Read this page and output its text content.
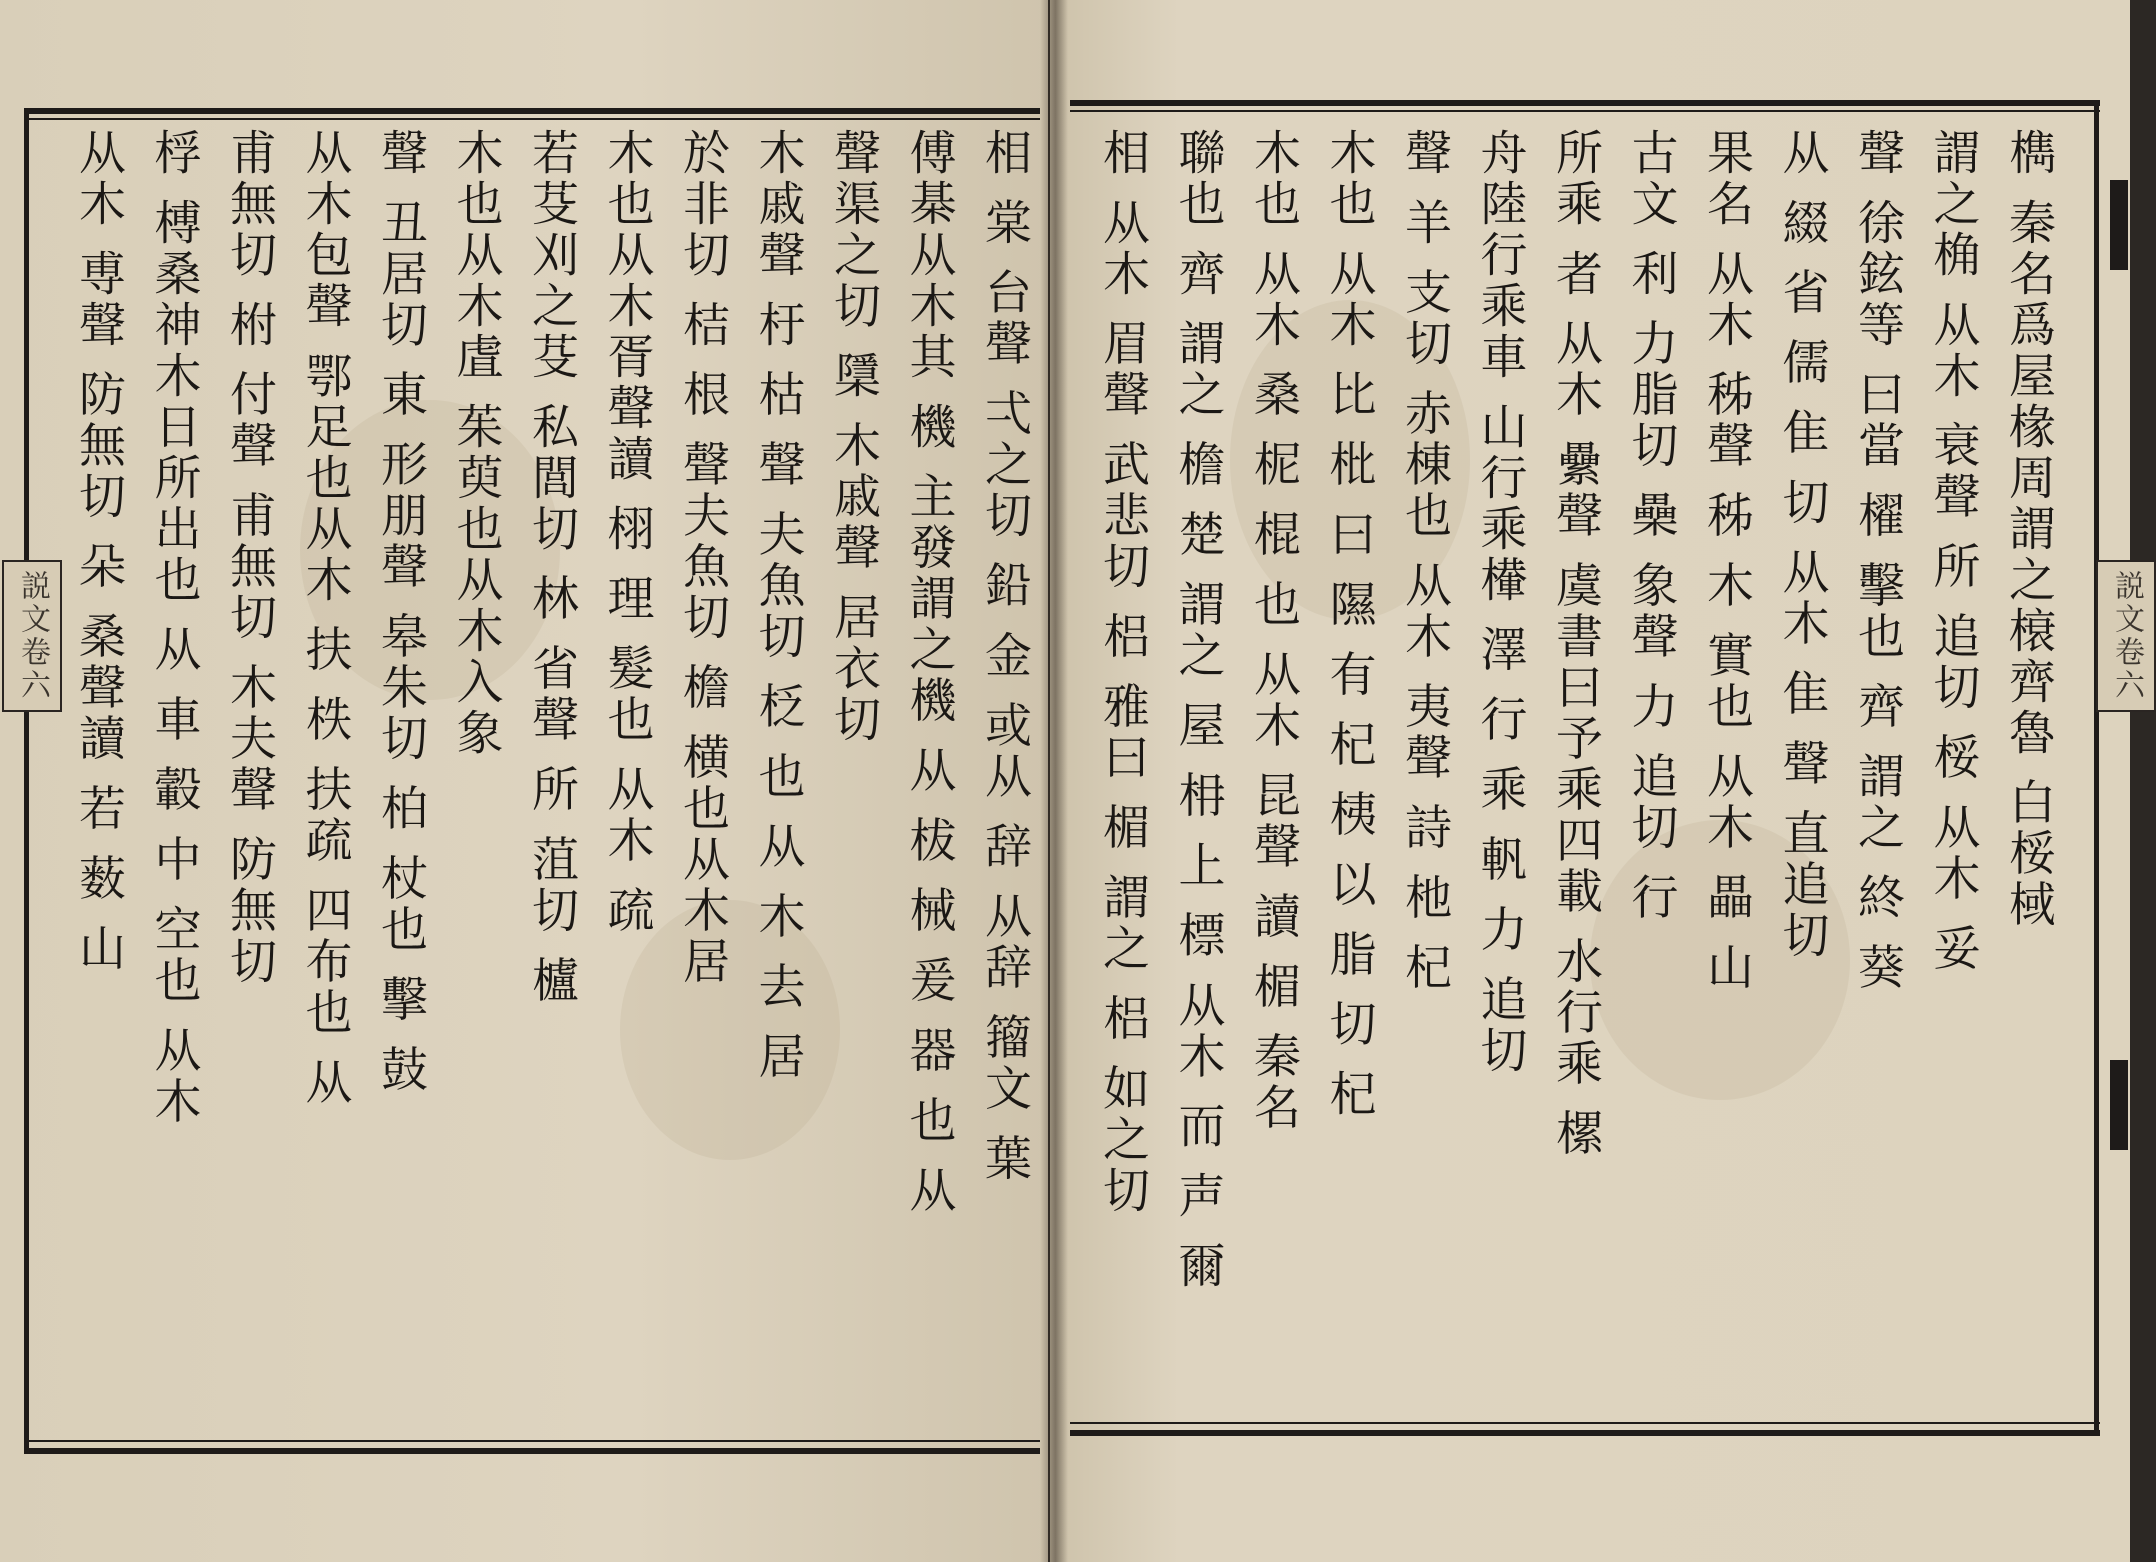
説文卷六	相 棠 台聲 弌之切 鉛 金 或从 辞 从辞 籀文 葉
傅棊从木其 機 主發謂之機 从 柭 械 爰 器 也 从
聲渠之切 檃 木戚聲 居衣切
木戚聲 杅 枯 聲 夫魚切 柉 也 从 木 去 居
於非切 桔 根 聲夫魚切 檐 横也从木居
木也从木胥聲讀 栩 理 髮也 从木 疏
若芟刈之芟 私閭切 林 省聲 所 菹切 櫨
木也从木虘 茱萸也从木入象
聲 丑居切 東 形朋聲 皋朱切 柏 杖也 擊 鼓
从木包聲 鄂足也从木 扶 柣 扶疏 四布也 从
甫無切 柎 付聲 甫無切 木夫聲 防無切
桴 榑桑神木日所出也 从 車 轂 中 空也 从木
从木 尃聲 防無切 朵 桑聲讀 若 薮 山	説文卷六
檇 秦名爲屋椽周謂之榱齊魯 白桵棫
謂之桷 从木 衰聲 所 追切 桵 从木 妥
聲 徐鉉等 曰當 櫂 擊也 齊 謂之 終 葵
从 綴 省 儒 隹 切 从木 隹 聲 直追切
果名 从木 秭聲 秭 木 實也 从木 畾 山
古文 利 力脂切 櫐 象聲 力 追切 行
所乘 者 从木 纍聲 虞書曰予乘四載 水行乘 樏
舟陸行乘車 山行乘檋 澤 行 乘 軓 力 追切
聲 羊 支切 赤棟也 从木 夷聲 詩 杝 杞
木也 从木 比 枇 曰 隰 有 杞 桋 以 脂 切 杞
木也 从木 桑 柅 棍 也 从木 昆聲 讀 楣 秦名
聯也 齊 謂之 檐 楚 謂之 屋 枏 上 標 从木 而 声 爾
相 从木 眉聲 武悲切 梠 雅曰 楣 謂之 梠 如之切
